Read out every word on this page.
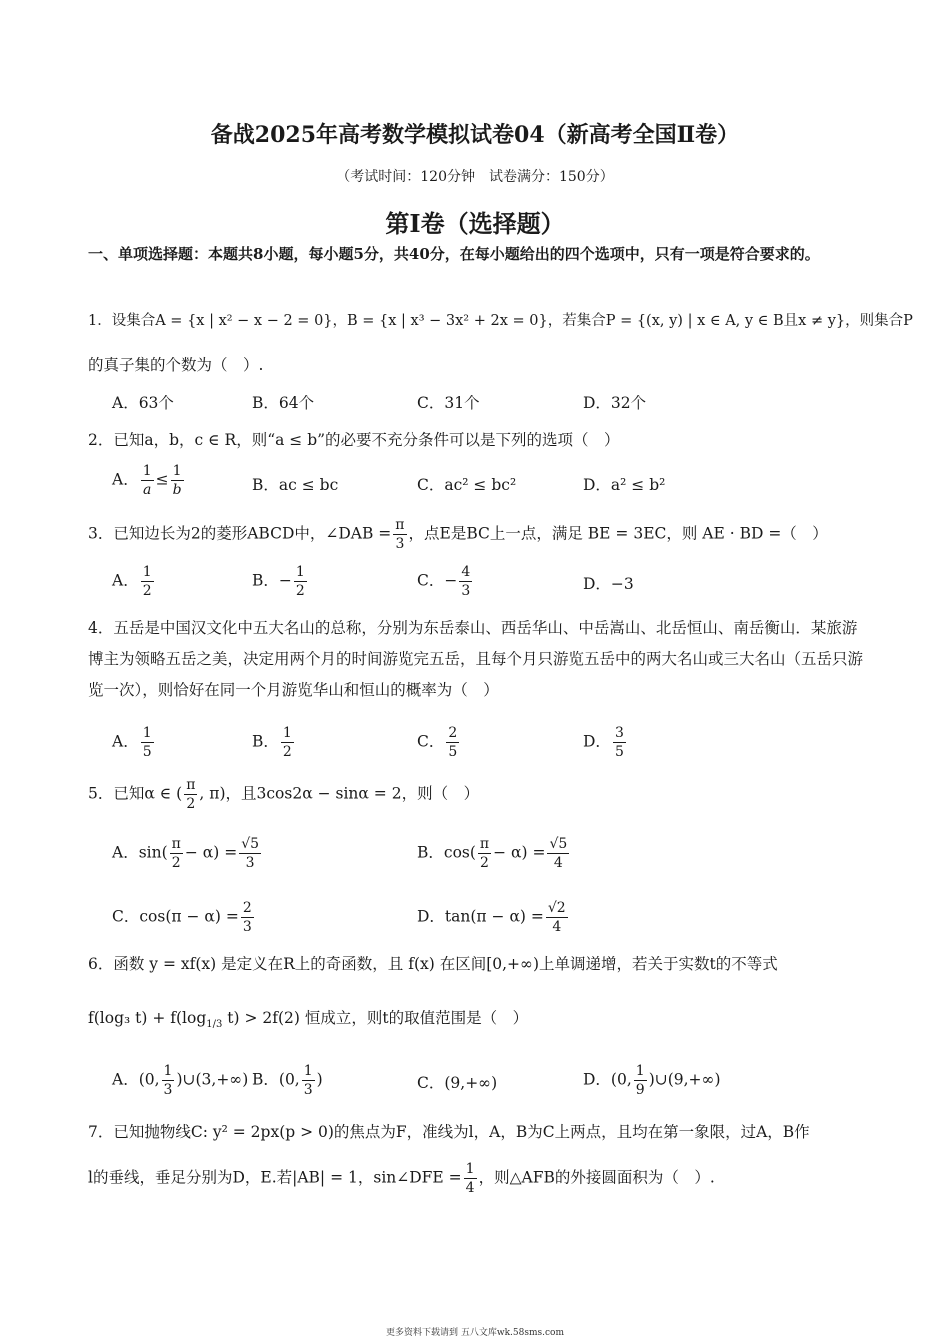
备战2025年高考数学模拟试卷04（新高考全国Ⅱ卷）
（考试时间：120分钟　试卷满分：150分）
第Ⅰ卷（选择题）
一、单项选择题：本题共8小题，每小题5分，共40分，在每小题给出的四个选项中，只有一项是符合要求的。
1．设集合A = {x | x² − x − 2 = 0}，B = {x | x³ − 3x² + 2x = 0}，若集合P = {(x, y) | x ∈ A, y ∈ B且x ≠ y}，则集合P
的真子集的个数为（　）.
A．63个	B．64个	C．31个	D．32个
2．已知a，b，c ∈ R，则“a ≤ b”的必要不充分条件可以是下列的选项（　）
A． $\frac{1}{a} \le \frac{1}{b}$	B．ac ≤ bc	C．ac² ≤ bc²	D．a² ≤ b²
3．已知边长为2的菱形ABCD中，∠DAB = $\frac{\pi}{3}$ ，点E是BC上一点，满足 BE = 3EC，则 AE · BD =（　）
A． $\frac{1}{2}$	B．− $\frac{1}{2}$	C．− $\frac{4}{3}$	D．−3
4．五岳是中国汉文化中五大名山的总称，分别为东岳泰山、西岳华山、中岳嵩山、北岳恒山、南岳衡山．某旅游博主为领略五岳之美，决定用两个月的时间游览完五岳，且每个月只游览五岳中的两大名山或三大名山（五岳只游览一次），则恰好在同一个月游览华山和恒山的概率为（　）
A． $\frac{1}{5}$	B． $\frac{1}{2}$	C． $\frac{2}{5}$	D． $\frac{3}{5}$
5．已知α ∈ ( $\frac{\pi}{2}$ , π)，且3cos2α − sinα = 2，则（　）
A．$\sin( \frac{\pi}{2} - \alpha) = \frac{√5}{3}$	B．$\cos( \frac{\pi}{2} - \alpha) = \frac{√5}{4}$
C．$\cos(\pi - \alpha) = \frac{2}{3}$	D．$\tan(\pi - \alpha) = \frac{√2}{4}$
6．函数 y = xf(x) 是定义在R上的奇函数，且 f(x) 在区间[0,+∞)上单调递增，若关于实数t的不等式
f(log₃ $t) + f(\log_{1/3}$ t) > 2f(2) 恒成立，则t的取值范围是（　）
A．(0, $\frac{1}{3}$ )∪(3,+∞) B．(0, $\frac{1}{3}$ )	C．(9,+∞)	D．(0, $\frac{1}{9}$ )∪(9,+∞)
7．已知抛物线C: y² = 2px(p > 0)的焦点为F，准线为l，A，B为C上两点，且均在第一象限，过A，B作
l的垂线，垂足分别为D，E.若|AB| = 1，sin∠DFE = $\frac{1}{4}$ ，则△AFB的外接圆面积为（　）.
更多资料下载请到 五八文库wk.58sms.com
